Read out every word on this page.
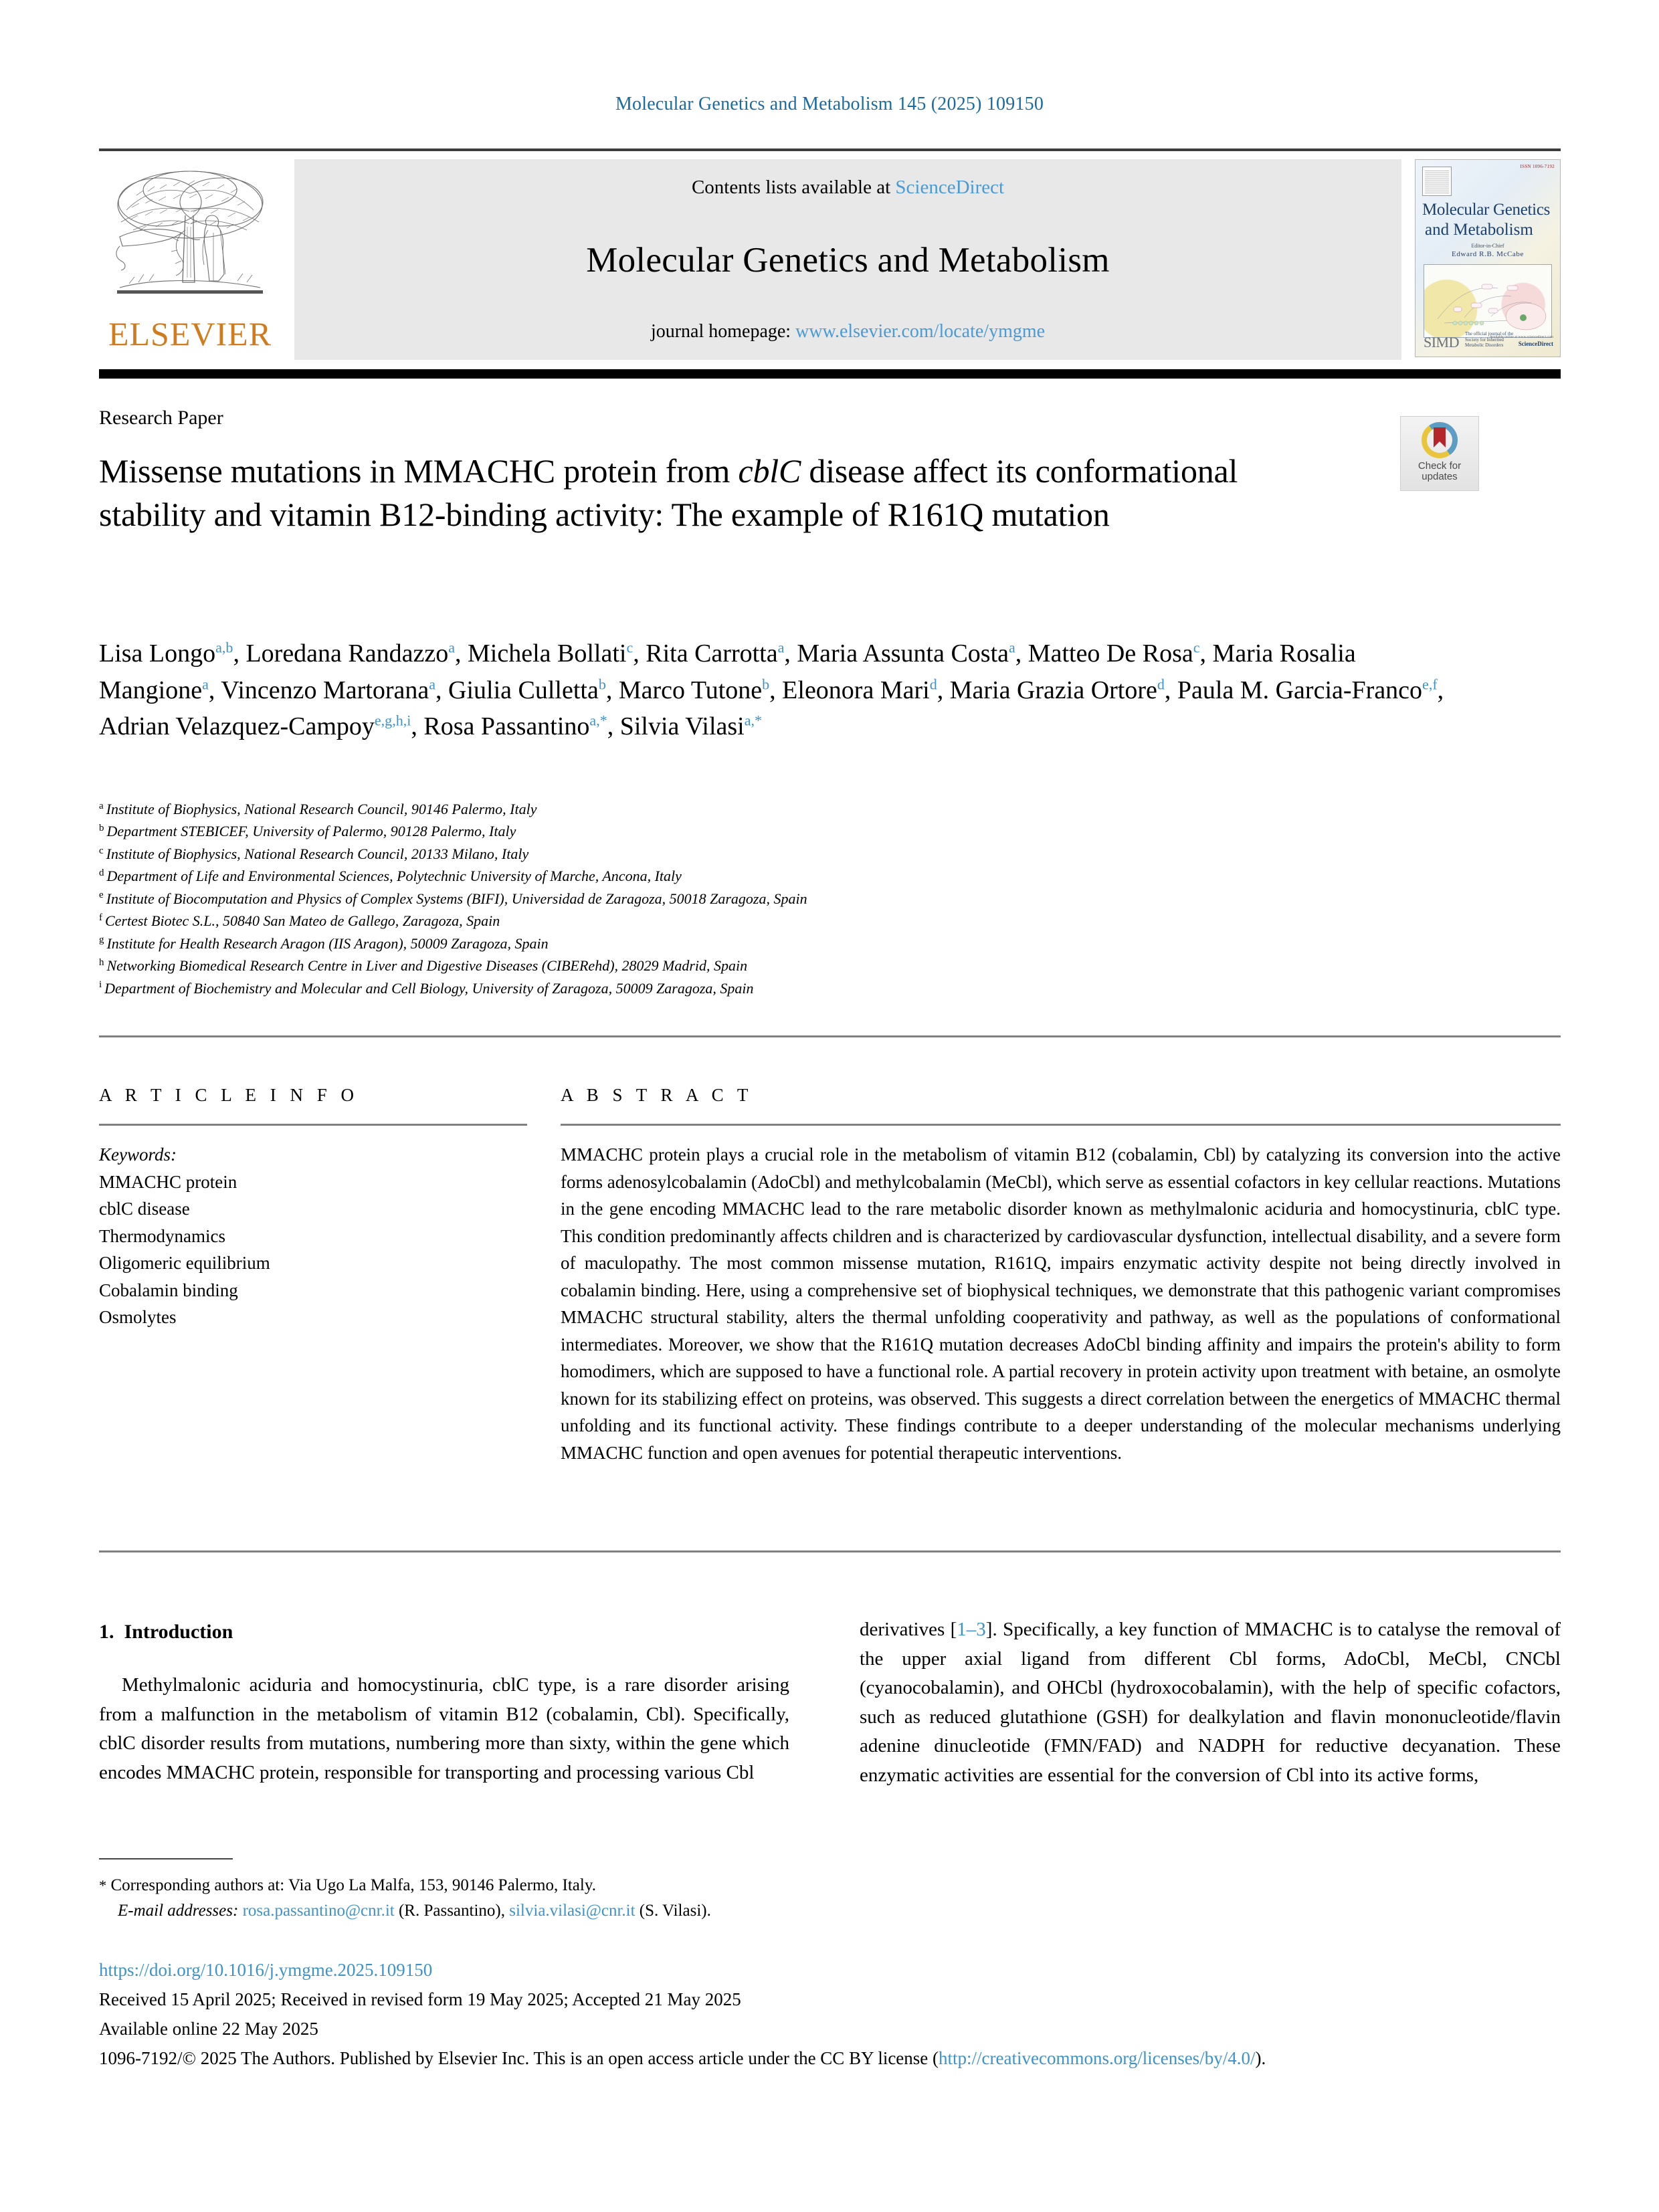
Molecular Genetics and Metabolism 145 (2025) 109150
ELSEVIER
Contents lists available at ScienceDirect
Molecular Genetics and Metabolism
journal homepage: www.elsevier.com/locate/ymgme
ISSN 1096-7192
Molecular Genetics
and Metabolism
Editor-in-Chief
Edward R.B. McCabe
SIMD
The official journal of the Society for Inherited Metabolic Disorders
Available online at www.sciencedirect.com
ScienceDirect
Research Paper
Check for
updates
Missense mutations in MMACHC protein from cblC disease affect its conformational stability and vitamin B12-binding activity: The example of R161Q mutation
Lisa Longo$^{a,b}$, Loredana Randazzo$^a$, Michela Bollati$^c$, Rita Carrotta$^a$, Maria Assunta Costa$^a$, Matteo De Rosa$^c$, Maria Rosalia Mangione$^a$, Vincenzo Martorana$^a$, Giulia Culletta$^b$, Marco Tutone$^b$, Eleonora Mari$^d$, Maria Grazia Ortore$^d$, Paula M. Garcia-Franco$^{e,f}$, Adrian Velazquez-Campoy$^{e,g,h,i}$, Rosa Passantino$^{a,*}$, Silvia Vilasi$^{a,*}$
$^a$ Institute of Biophysics, National Research Council, 90146 Palermo, Italy
$^b$ Department STEBICEF, University of Palermo, 90128 Palermo, Italy
$^c$ Institute of Biophysics, National Research Council, 20133 Milano, Italy
$^d$ Department of Life and Environmental Sciences, Polytechnic University of Marche, Ancona, Italy
$^e$ Institute of Biocomputation and Physics of Complex Systems (BIFI), Universidad de Zaragoza, 50018 Zaragoza, Spain
$^f$ Certest Biotec S.L., 50840 San Mateo de Gallego, Zaragoza, Spain
$^g$ Institute for Health Research Aragon (IIS Aragon), 50009 Zaragoza, Spain
$^h$ Networking Biomedical Research Centre in Liver and Digestive Diseases (CIBERehd), 28029 Madrid, Spain
$^i$ Department of Biochemistry and Molecular and Cell Biology, University of Zaragoza, 50009 Zaragoza, Spain
A R T I C L E I N F O
Keywords:
MMACHC protein
cblC disease
Thermodynamics
Oligomeric equilibrium
Cobalamin binding
Osmolytes
A B S T R A C T
MMACHC protein plays a crucial role in the metabolism of vitamin B12 (cobalamin, Cbl) by catalyzing its conversion into the active forms adenosylcobalamin (AdoCbl) and methylcobalamin (MeCbl), which serve as essential cofactors in key cellular reactions. Mutations in the gene encoding MMACHC lead to the rare metabolic disorder known as methylmalonic aciduria and homocystinuria, cblC type. This condition predominantly affects children and is characterized by cardiovascular dysfunction, intellectual disability, and a severe form of maculopathy. The most common missense mutation, R161Q, impairs enzymatic activity despite not being directly involved in cobalamin binding. Here, using a comprehensive set of biophysical techniques, we demonstrate that this pathogenic variant compromises MMACHC structural stability, alters the thermal unfolding cooperativity and pathway, as well as the populations of conformational intermediates. Moreover, we show that the R161Q mutation decreases AdoCbl binding affinity and impairs the protein's ability to form homodimers, which are supposed to have a functional role. A partial recovery in protein activity upon treatment with betaine, an osmolyte known for its stabilizing effect on proteins, was observed. This suggests a direct correlation between the energetics of MMACHC thermal unfolding and its functional activity. These findings contribute to a deeper understanding of the molecular mechanisms underlying MMACHC function and open avenues for potential therapeutic interventions.
1. Introduction

Methylmalonic aciduria and homocystinuria, cblC type, is a rare disorder arising from a malfunction in the metabolism of vitamin B12 (cobalamin, Cbl). Specifically, cblC disorder results from mutations, numbering more than sixty, within the gene which encodes MMACHC protein, responsible for transporting and processing various Cbl

derivatives [1–3]. Specifically, a key function of MMACHC is to catalyse the removal of the upper axial ligand from different Cbl forms, AdoCbl, MeCbl, CNCbl (cyanocobalamin), and OHCbl (hydroxocobalamin), with the help of specific cofactors, such as reduced glutathione (GSH) for dealkylation and flavin mononucleotide/flavin adenine dinucleotide (FMN/FAD) and NADPH for reductive decyanation. These enzymatic activities are essential for the conversion of Cbl into its active forms,

* Corresponding authors at: Via Ugo La Malfa, 153, 90146 Palermo, Italy.
E-mail addresses: rosa.passantino@cnr.it (R. Passantino), silvia.vilasi@cnr.it (S. Vilasi).
https://doi.org/10.1016/j.ymgme.2025.109150
Received 15 April 2025; Received in revised form 19 May 2025; Accepted 21 May 2025
Available online 22 May 2025
1096-7192/© 2025 The Authors. Published by Elsevier Inc. This is an open access article under the CC BY license (http://creativecommons.org/licenses/by/4.0/).
